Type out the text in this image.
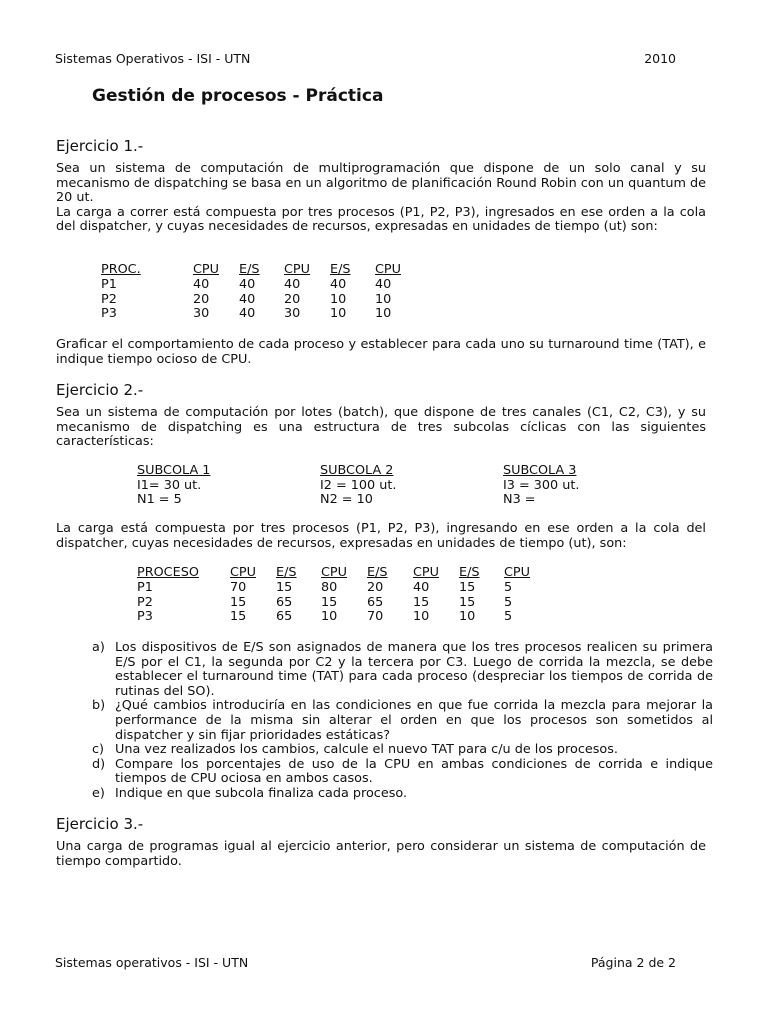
Sistemas Operativos - ISI - UTN	2010
Gestión de procesos - Práctica
Ejercicio 1.-

Sea un sistema de computación de multiprogramación que dispone de un solo canal y su mecanismo de dispatching se basa en un algoritmo de planificación Round Robin con un quantum de 20 ut.

La carga a correr está compuesta por tres procesos (P1, P2, P3), ingresados en ese orden a la cola del dispatcher, y cuyas necesidades de recursos, expresadas en unidades de tiempo (ut) son:

PROC.	CPU	E/S	CPU	E/S	CPU
P1	40	40	40	40	40
P2	20	40	20	10	10
P3	30	40	30	10	10

Graficar el comportamiento de cada proceso y establecer para cada uno su turnaround time (TAT), e indique tiempo ocioso de CPU.

Ejercicio 2.-

Sea un sistema de computación por lotes (batch), que dispone de tres canales (C1, C2, C3), y su mecanismo de dispatching es una estructura de tres subcolas cíclicas con las siguientes características:

SUBCOLA 1
I1= 30 ut.
N1 = 5
SUBCOLA 2
I2 = 100 ut.
N2 = 10
SUBCOLA 3
I3 = 300 ut.
N3 =

La carga está compuesta por tres procesos (P1, P2, P3), ingresando en ese orden a la cola del dispatcher, cuyas necesidades de recursos, expresadas en unidades de tiempo (ut), son:

PROCESO	CPU	E/S	CPU	E/S	CPU	E/S	CPU
P1	70	15	80	20	40	15	5
P2	15	65	15	65	15	15	5
P3	15	65	10	70	10	10	5
a) Los dispositivos de E/S son asignados de manera que los tres procesos realicen su primera E/S por el C1, la segunda por C2 y la tercera por C3. Luego de corrida la mezcla, se debe establecer el turnaround time (TAT) para cada proceso (despreciar los tiempos de corrida de rutinas del SO).
b) ¿Qué cambios introduciría en las condiciones en que fue corrida la mezcla para mejorar la performance de la misma sin alterar el orden en que los procesos son sometidos al dispatcher y sin fijar prioridades estáticas?
c) Una vez realizados los cambios, calcule el nuevo TAT para c/u de los procesos.
d) Compare los porcentajes de uso de la CPU en ambas condiciones de corrida e indique tiempos de CPU ociosa en ambos casos.
e) Indique en que subcola finaliza cada proceso.
Ejercicio 3.-

Una carga de programas igual al ejercicio anterior, pero considerar un sistema de computación de tiempo compartido.

Sistemas operativos - ISI - UTN	Página 2 de 2
